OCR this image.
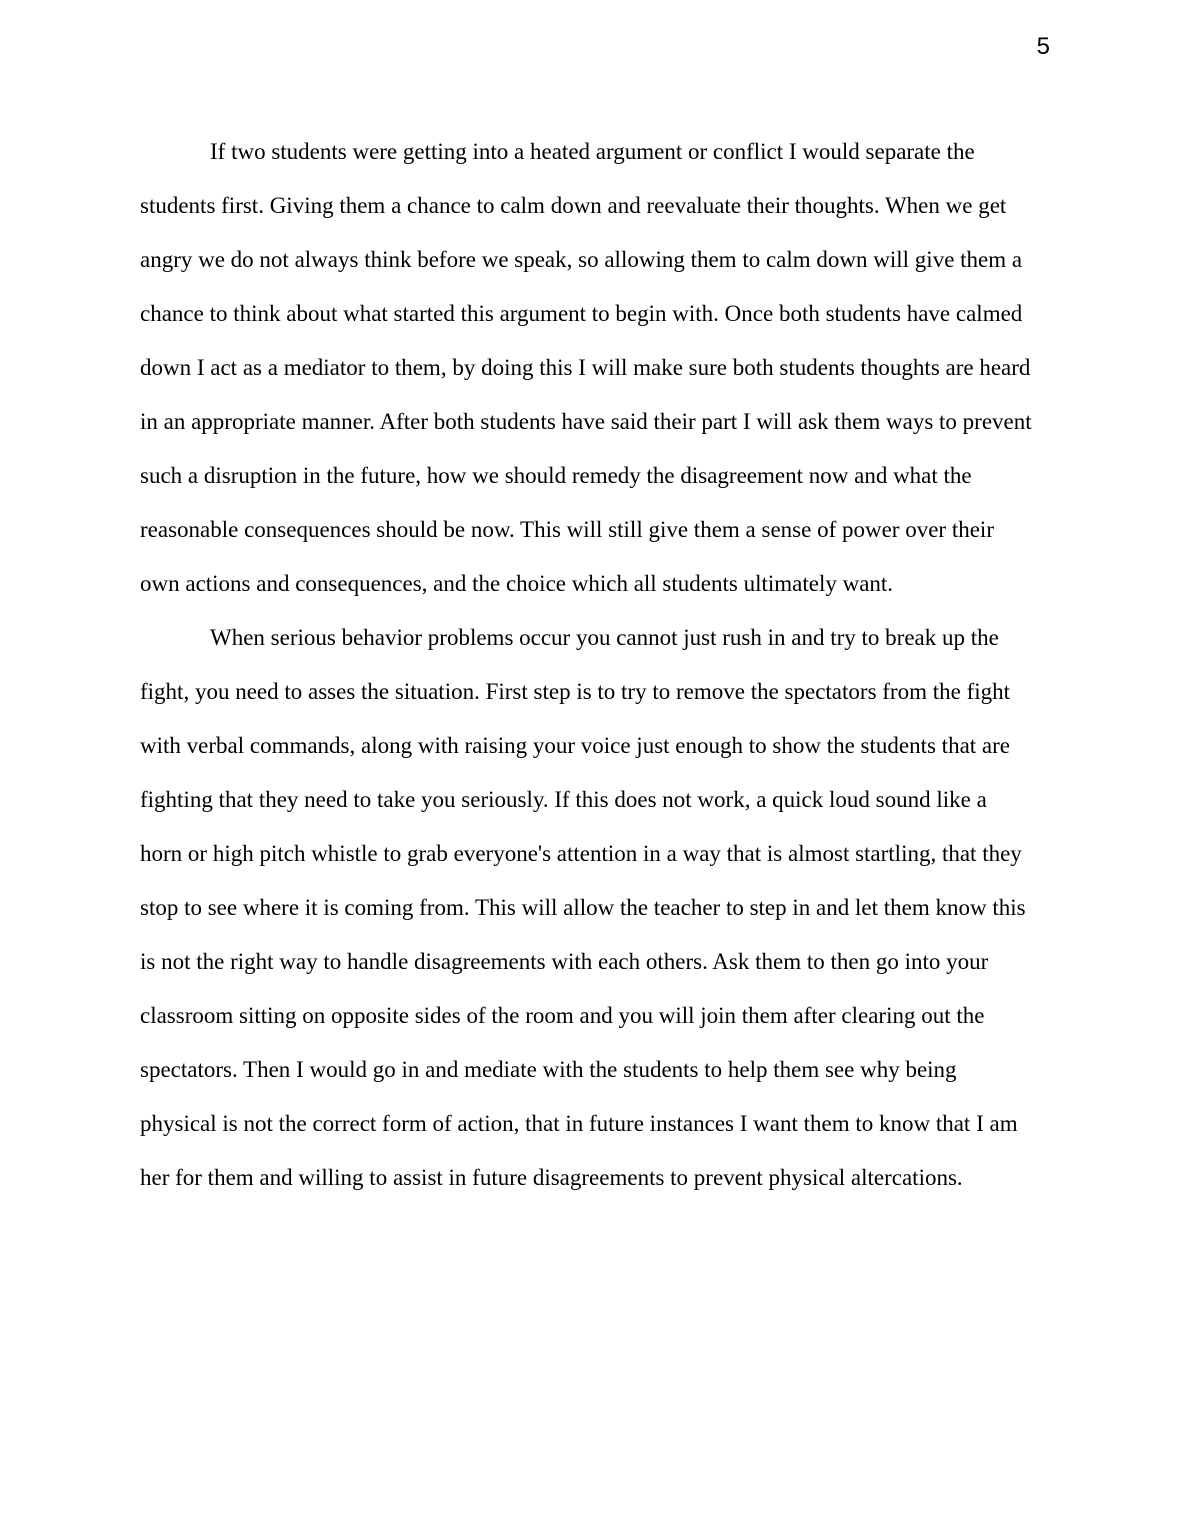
5
If two students were getting into a heated argument or conflict I would separate the
students first. Giving them a chance to calm down and reevaluate their thoughts. When we get
angry we do not always think before we speak, so allowing them to calm down will give them a
chance to think about what started this argument to begin with. Once both students have calmed
down I act as a mediator to them, by doing this I will make sure both students thoughts are heard
in an appropriate manner. After both students have said their part I will ask them ways to prevent
such a disruption in the future, how we should remedy the disagreement now and what the
reasonable consequences should be now. This will still give them a sense of power over their
own actions and consequences, and the choice which all students ultimately want.
When serious behavior problems occur you cannot just rush in and try to break up the
fight, you need to asses the situation. First step is to try to remove the spectators from the fight
with verbal commands, along with raising your voice just enough to show the students that are
fighting that they need to take you seriously. If this does not work, a quick loud sound like a
horn or high pitch whistle to grab everyone's attention in a way that is almost startling, that they
stop to see where it is coming from. This will allow the teacher to step in and let them know this
is not the right way to handle disagreements with each others. Ask them to then go into your
classroom sitting on opposite sides of the room and you will join them after clearing out the
spectators. Then I would go in and mediate with the students to help them see why being
physical is not the correct form of action, that in future instances I want them to know that I am
her for them and willing to assist in future disagreements to prevent physical altercations.
